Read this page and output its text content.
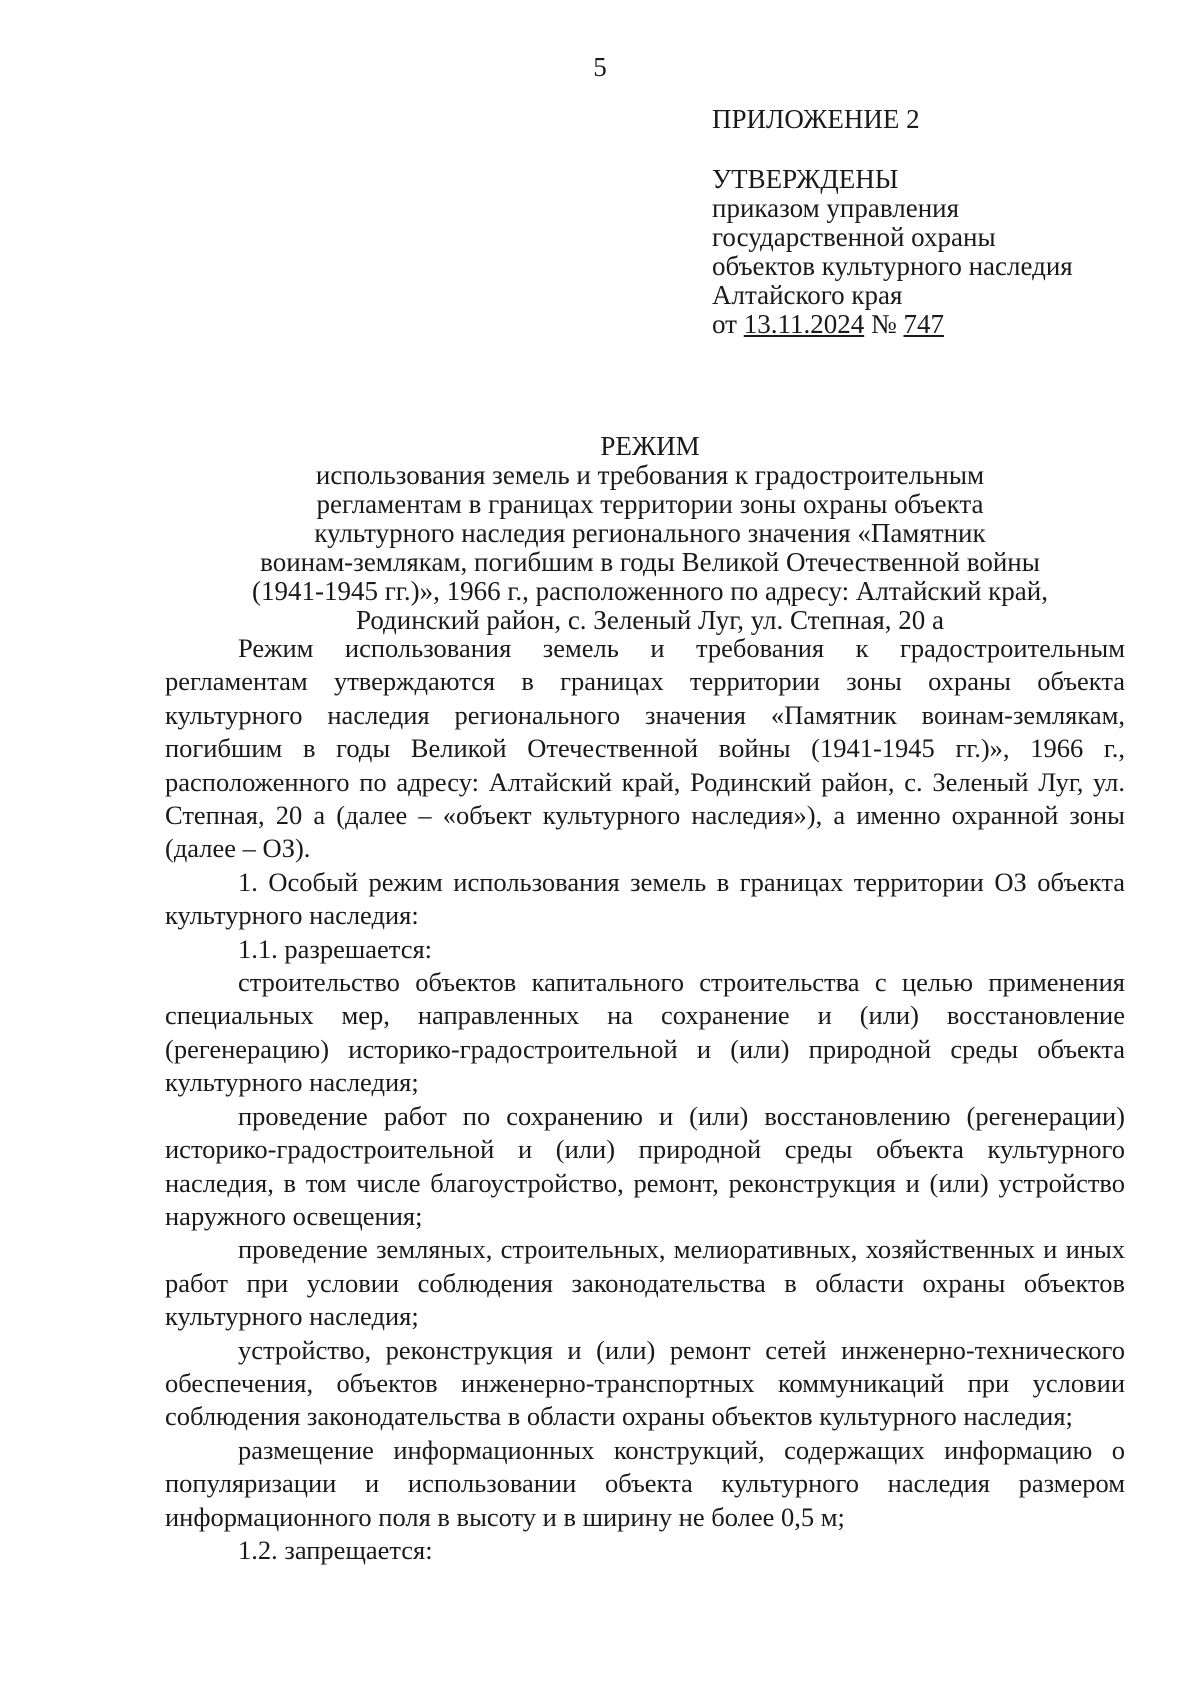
5
ПРИЛОЖЕНИЕ 2
УТВЕРЖДЕНЫ
приказом управления
государственной охраны
объектов культурного наследия
Алтайского края
от 13.11.2024 № 747
РЕЖИМ
использования земель и требования к градостроительным
регламентам в границах территории зоны охраны объекта
культурного наследия регионального значения «Памятник
воинам-землякам, погибшим в годы Великой Отечественной войны
(1941-1945 гг.)», 1966 г., расположенного по адресу: Алтайский край,
Родинский район, с. Зеленый Луг, ул. Степная, 20 а

Режим использования земель и требования к градостроительным регламентам утверждаются в границах территории зоны охраны объекта культурного наследия регионального значения «Памятник воинам-землякам, погибшим в годы Великой Отечественной войны (1941-1945 гг.)», 1966 г., расположенного по адресу: Алтайский край, Родинский район, с. Зеленый Луг, ул. Степная, 20 а (далее – «объект культурного наследия»), а именно охранной зоны (далее – ОЗ).

1. Особый режим использования земель в границах территории ОЗ объекта культурного наследия:

1.1. разрешается:

строительство объектов капитального строительства с целью применения специальных мер, направленных на сохранение и (или) восстановление (регенерацию) историко-градостроительной и (или) природной среды объекта культурного наследия;

проведение работ по сохранению и (или) восстановлению (регенерации) историко-градостроительной и (или) природной среды объекта культурного наследия, в том числе благоустройство, ремонт, реконструкция и (или) устройство наружного освещения;

проведение земляных, строительных, мелиоративных, хозяйственных и иных работ при условии соблюдения законодательства в области охраны объектов культурного наследия;

устройство, реконструкция и (или) ремонт сетей инженерно-технического обеспечения, объектов инженерно-транспортных коммуникаций при условии соблюдения законодательства в области охраны объектов культурного наследия;

размещение информационных конструкций, содержащих информацию о популяризации и использовании объекта культурного наследия размером информационного поля в высоту и в ширину не более 0,5 м;

1.2. запрещается:
